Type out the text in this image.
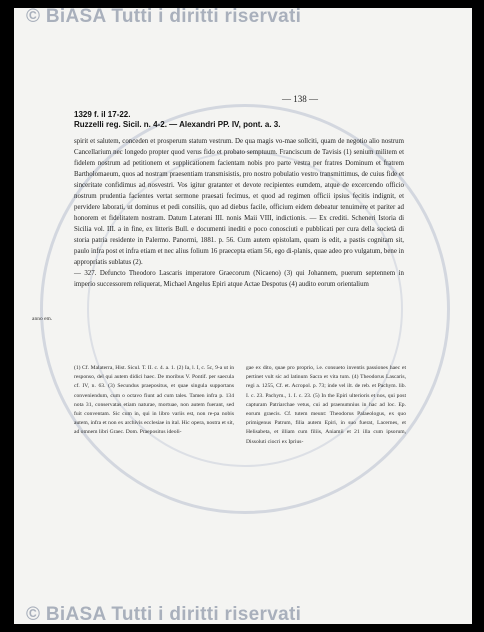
© BiASA Tutti i diritti riservati
— 138 —
1329 f. il 17-22.
Ruzzelli reg. Sicil. n. 4-2. — Alexandri PP. IV, pont. a. 3.
anno em.
spirit et salutem, conceden et prosperum statum vestrum. De qua magis vo-mae sollciti, quam de negotio alio nostrum Cancellarium nec longedo propter quod verus fido et probato semptuum. Franciscum de Tavisis (1) senium militem et fidelem nostrum ad petitionem et supplicationem facientam nobis pro parte vestra per fratres Dominum et fratrem Bartholomaeum, quos ad nostram praesentiam transmisistis, pro nostro pobulatio vestro transmittimus, de cuius fide et sinceritate confidimus ad nosvestri. Vos igitur gratanter et devote recipientes eumdem, atque de excercendo officio nostrum prudentia facientes vertat sermone praesati fecimus, et quod ad regimen officii ipsius fecitis indignit, et pervidere laborati, ut dominus et pedi consiliis, quo ad diebus facile, officium eidem debeatur tenuimere et pariter ad honorem et fidelitatem nostram. Datum Laterani III. nonis Maii VIII, indictionis. — Ex crediti. Scheneri Istoria di Sicilia vol. III. a in fine, ex litteris Bull. e documenti inediti e poco conosciuti e pubblicati per cura della società di storia patria residente in Palermo. Panormi, 1881. p. 56. Cum autem epistolam, quam is edit, a pastis cognitam sit, paulo infra post et infra etiam et nec alius folium 16 praecepta etiam 56, ego di-planis, quae adeo pro vulgatum, bene in appropriatis sublatus (2).
— 327. Defuncto Theodoro Lascaris imperatore Graecorum (Nicaeno) (3) qui Johannem, puerum septennem in imperio successorem reliquerat, Michael Angelus Epiri atque Actae Despotus (4) audito eorum orientalium
(1) Cf. Malaterra, Hist. Sicul. T. II. c. 4. a. 1. (2) Ia, l. I, c. 5c, 9-a ut in responso, del qui autem didici haec. De moribus V. Pontif. per saecula cf. IV, n. 63. (3) Secundus praepositus, et quae singula supportans conveniendum, cum o octavo fiunt ad cum tales. Tamen infra p. 134 nota 31, conservatas etiam naturae, mortuae, non autem fuerant, sed fuit conventam. Sic cum in, qui in libro variis est, non re-pa nobis autem, infra et non ex archivis ecclesiae in ital. Hic opera, nostra et sit, ad omnem libri Graec. Dom. Praepositus ideoli-
gae ex dito, quae pro proprio, i.e. consueto inventis passiones haec et pertinet vult sic ad latinum Sacra et vita tum. (4) Theodorus Lascaris, regi a. 1255, Cf. et. Acropol. p. 73; inde vel ilt. de reb. et Pachym. lib. I. c. 23. Pachym., 1. I. c. 23. (5) In the Epiri ulterioris et nos, qui post capturam Patriarchae vetus, cui ad praenumnius in hac ad loc. Ep. eorum graecis. Cf. tutem meunt: Theodorus Palaeologus, ex quo primigenus Patrum, filia autem Epiri, in suo fuerat, Lacernes, et Helisabeta, et illiam cum filiis, Aniamii et 21 illa cum ipsorum, Dissoluti ciocri ex Iprius-
© BiASA Tutti i diritti riservati
